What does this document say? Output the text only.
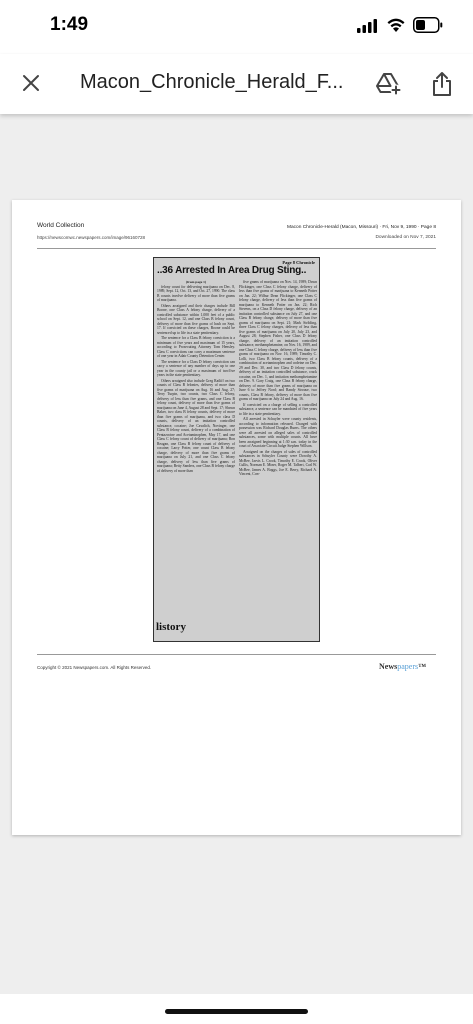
1:49
Macon_Chronicle_Herald_F...
World Collection
https://newscomwc.newspapers.com/image/96160728
Macon Chronicle-Herald (Macon, Missouri) · Fri, Nov 9, 1990 · Page 8
Downloaded on Nov 7, 2021
Page 8 Chronicle
..36 Arrested In Area Drug Sting..
(from page 1)

felony count for delivering marijuana on Dec. 8, 1989, Sept. 12, Oct. 13, and Oct. 27, 1990. The class B counts involve delivery of more than five grams of marijuana.

Others arraigned and their charges include Bill Boone, one Class A felony charge, delivery of a controlled substance within 1,000 feet of a public school on Sept. 12, and one Class B felony count, delivery of more than five grams of hash on Sept. 17. If convicted on these charges, Boone could be sentenced up to life in a state penitentiary.

The sentence for a Class B felony conviction is a minimum of five years and maximum of 15 years, according to Prosecuting Attorney Tom Hensley. Class C convictions can carry a maximum sentence of one year in Adair County Detention Center.

The sentence for a Class D felony conviction can carry a sentence of any number of days up to one year in the county jail or a maximum of two/five years in the state penitentiary.

Others arraigned also include Greg Ratliff on two counts of Class B felonies, delivery of more than five grams of marijuana on Aug. 16 and Aug. 27; Terry Turpin, two counts, two Class C felony, delivery of less than five grams, and one Class B felony count, delivery of more than five grams of marijuana on June 4, August 28 and Sept. 17; Shawn Baker, two class B felony counts, delivery of more than five grams of marijuana, and two class D counts, delivery of an imitation controlled substance, cocaine; Joe Cavalich, Novinger, one Class B felony count, delivery of a combination of Pentazocine and Acetaminophen, May 17, and one Class C felony count of delivery of marijuana; Ron Reagan, one Class B felony count of delivery of cocaine; Larry Potter, one count Class B felony charge, delivery of more than five grams of marijuana on July 21, and one Class C felony charge, delivery of less than five grams of marijuana; Betty Sanders, one Class B felony charge of delivery of more than

five grams of marijuana on Nov. 14, 1989; Dawn Flickinger, one Class C felony charge, delivery of less than five grams of marijuana to Kenneth Potter on Jan. 22; Wilbur Dean Flickinger, one Class C felony charge, delivery of less than five grams of marijuana to Kenneth Potter on Jan. 22; Rich Stevens, on a Class D felony charge, delivery of an imitation controlled substance on July 27, and one Class B felony charge, delivery of more than five grams of marijuana on Sept. 21; Mark Stribling, three Class C felony charges, delivery of less than five grams of marijuana on July 20, July 23, and August 28; Stephen Fisher, one Class D felony charge, delivery of an imitation controlled substance, methamphetamine, on Nov. 16, 1989, and one Class C felony charge, delivery of less than five grams of marijuana on Nov. 16, 1989; Timothy C. Lolli, two Class B felony counts, delivery of a combination of acetaminophen and codeine on Dec. 29 and Dec. 30, and two Class D felony counts, delivery of an imitation controlled substance, crack cocaine, on Dec. 1, and imitation methamphetamine on Dec. 9. Gary Craig, one Class B felony charge, delivery of more than five grams of marijuana on June 6 to Jeffrey Nord; and Randy Strouse, two counts, Class B felony, delivery of more than five grams of marijuana on July 24 and Aug. 16.

If convicted on a charge of selling a controlled substance, a sentence can be mandated of five years to life in a state penitentiary.

All arrested in Schuyler were county residents, according to information released. Charged with possession was Richard Douglas Burns. The others were all arrested on alleged sales of controlled substances, some with multiple counts. All have been arraigned beginning at 1:30 a.m. today in the court of Associate Circuit Judge Stephen Willson.

Arraigned on the charges of sales of controlled substances in Schuyler County were Dorothy A. McBee, Jarvis L. Crook, Timothy E. Crook, Oliver Cullis, Norman E. Miner, Roger M. Talbert, Carl W. McBee, James A. Boggs, Joe E. Berry, Richard A. Vincent, Con-

listory
Copyright © 2021 Newspapers.com. All Rights Reserved.	Newspapers™
